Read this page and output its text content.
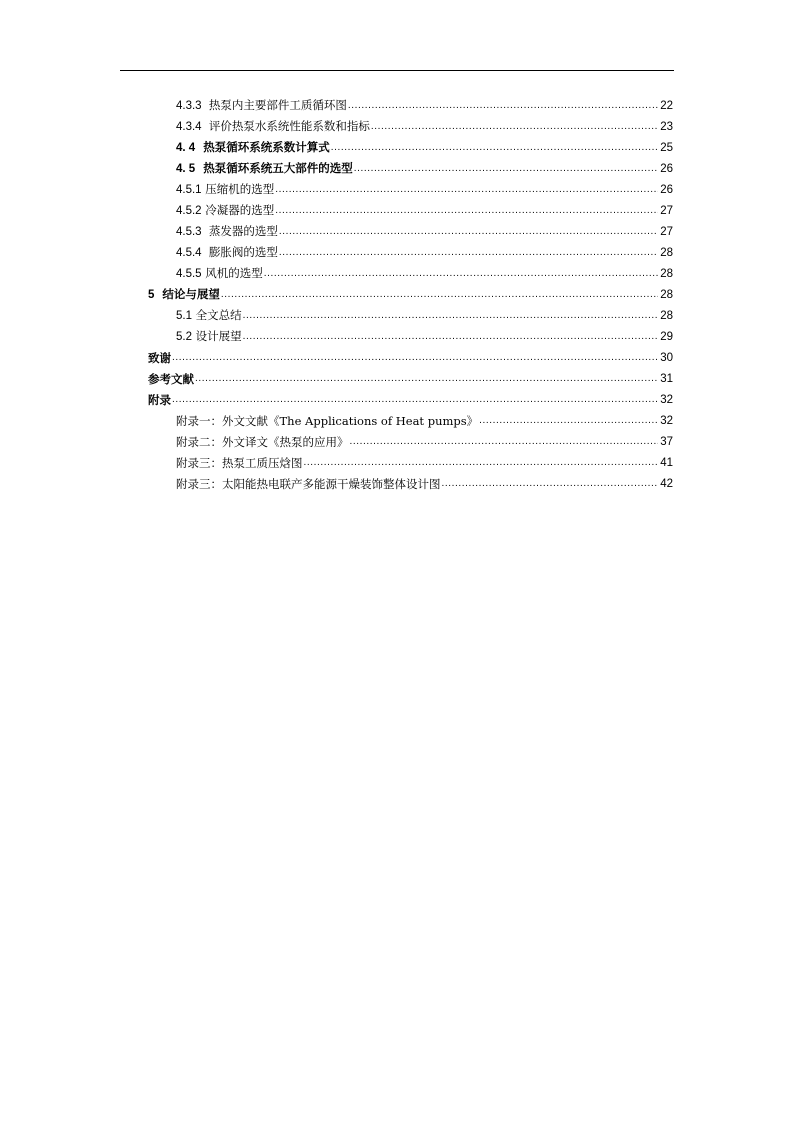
4.3.3 热泵内主要部件工质循环图 .....	22
4.3.4 评价热泵水系统性能系数和指标 .....	23
4. 4 热泵循环系统系数计算式 .....	25
4. 5 热泵循环系统五大部件的选型 .....	26
4.5.1 压缩机的选型 .....	26
4.5.2 冷凝器的选型 .....	27
4.5.3 蒸发器的选型 .....	27
4.5.4 膨胀阀的选型 .....	28
4.5.5 风机的选型 .....	28
5 结论与展望 .....	28
5.1 全文总结 .....	28
5.2 设计展望 .....	29
致谢 .....	30
参考文献 .....	31
附录 .....	32
附录一：外文文献《The Applications of Heat pumps》 .....	32
附录二：外文译文《热泵的应用》 .....	37
附录三：热泵工质压焓图 .....	41
附录三：太阳能热电联产多能源干燥装饰整体设计图 .....	42
